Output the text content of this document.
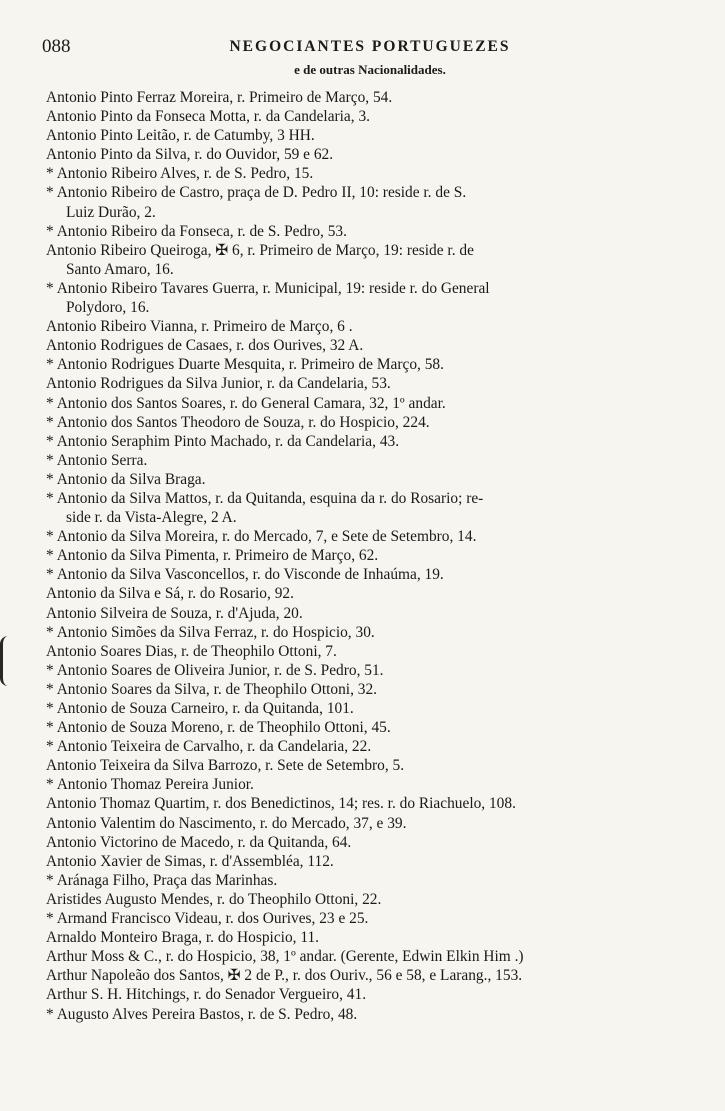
088	NEGOCIANTES PORTUGUEZES
e de outras Nacionalidades.
Antonio Pinto Ferraz Moreira, r. Primeiro de Março, 54.
Antonio Pinto da Fonseca Motta, r. da Candelaria, 3.
Antonio Pinto Leitão, r. de Catumby, 3 HH.
Antonio Pinto da Silva, r. do Ouvidor, 59 e 62.
* Antonio Ribeiro Alves, r. de S. Pedro, 15.
* Antonio Ribeiro de Castro, praça de D. Pedro II, 10: reside r. de S.
Luiz Durão, 2.
* Antonio Ribeiro da Fonseca, r. de S. Pedro, 53.
Antonio Ribeiro Queiroga, ✠ 6, r. Primeiro de Março, 19: reside r. de
Santo Amaro, 16.
* Antonio Ribeiro Tavares Guerra, r. Municipal, 19: reside r. do General
Polydoro, 16.
Antonio Ribeiro Vianna, r. Primeiro de Março, 6 .
Antonio Rodrigues de Casaes, r. dos Ourives, 32 A.
* Antonio Rodrigues Duarte Mesquita, r. Primeiro de Março, 58.
Antonio Rodrigues da Silva Junior, r. da Candelaria, 53.
* Antonio dos Santos Soares, r. do General Camara, 32, 1º andar.
* Antonio dos Santos Theodoro de Souza, r. do Hospicio, 224.
* Antonio Seraphim Pinto Machado, r. da Candelaria, 43.
* Antonio Serra.
* Antonio da Silva Braga.
* Antonio da Silva Mattos, r. da Quitanda, esquina da r. do Rosario; re-
side r. da Vista-Alegre, 2 A.
* Antonio da Silva Moreira, r. do Mercado, 7, e Sete de Setembro, 14.
* Antonio da Silva Pimenta, r. Primeiro de Março, 62.
* Antonio da Silva Vasconcellos, r. do Visconde de Inhaúma, 19.
Antonio da Silva e Sá, r. do Rosario, 92.
Antonio Silveira de Souza, r. d'Ajuda, 20.
* Antonio Simões da Silva Ferraz, r. do Hospicio, 30.
Antonio Soares Dias, r. de Theophilo Ottoni, 7.
* Antonio Soares de Oliveira Junior, r. de S. Pedro, 51.
* Antonio Soares da Silva, r. de Theophilo Ottoni, 32.
* Antonio de Souza Carneiro, r. da Quitanda, 101.
* Antonio de Souza Moreno, r. de Theophilo Ottoni, 45.
* Antonio Teixeira de Carvalho, r. da Candelaria, 22.
Antonio Teixeira da Silva Barrozo, r. Sete de Setembro, 5.
* Antonio Thomaz Pereira Junior.
Antonio Thomaz Quartim, r. dos Benedictinos, 14; res. r. do Riachuelo, 108.
Antonio Valentim do Nascimento, r. do Mercado, 37, e 39.
Antonio Victorino de Macedo, r. da Quitanda, 64.
Antonio Xavier de Simas, r. d'Assembléa, 112.
* Aránaga Filho, Praça das Marinhas.
Aristides Augusto Mendes, r. do Theophilo Ottoni, 22.
* Armand Francisco Videau, r. dos Ourives, 23 e 25.
Arnaldo Monteiro Braga, r. do Hospicio, 11.
Arthur Moss & C., r. do Hospicio, 38, 1º andar. (Gerente, Edwin Elkin Him .)
Arthur Napoleão dos Santos, ✠ 2 de P., r. dos Ouriv., 56 e 58, e Larang., 153.
Arthur S. H. Hitchings, r. do Senador Vergueiro, 41.
* Augusto Alves Pereira Bastos, r. de S. Pedro, 48.
